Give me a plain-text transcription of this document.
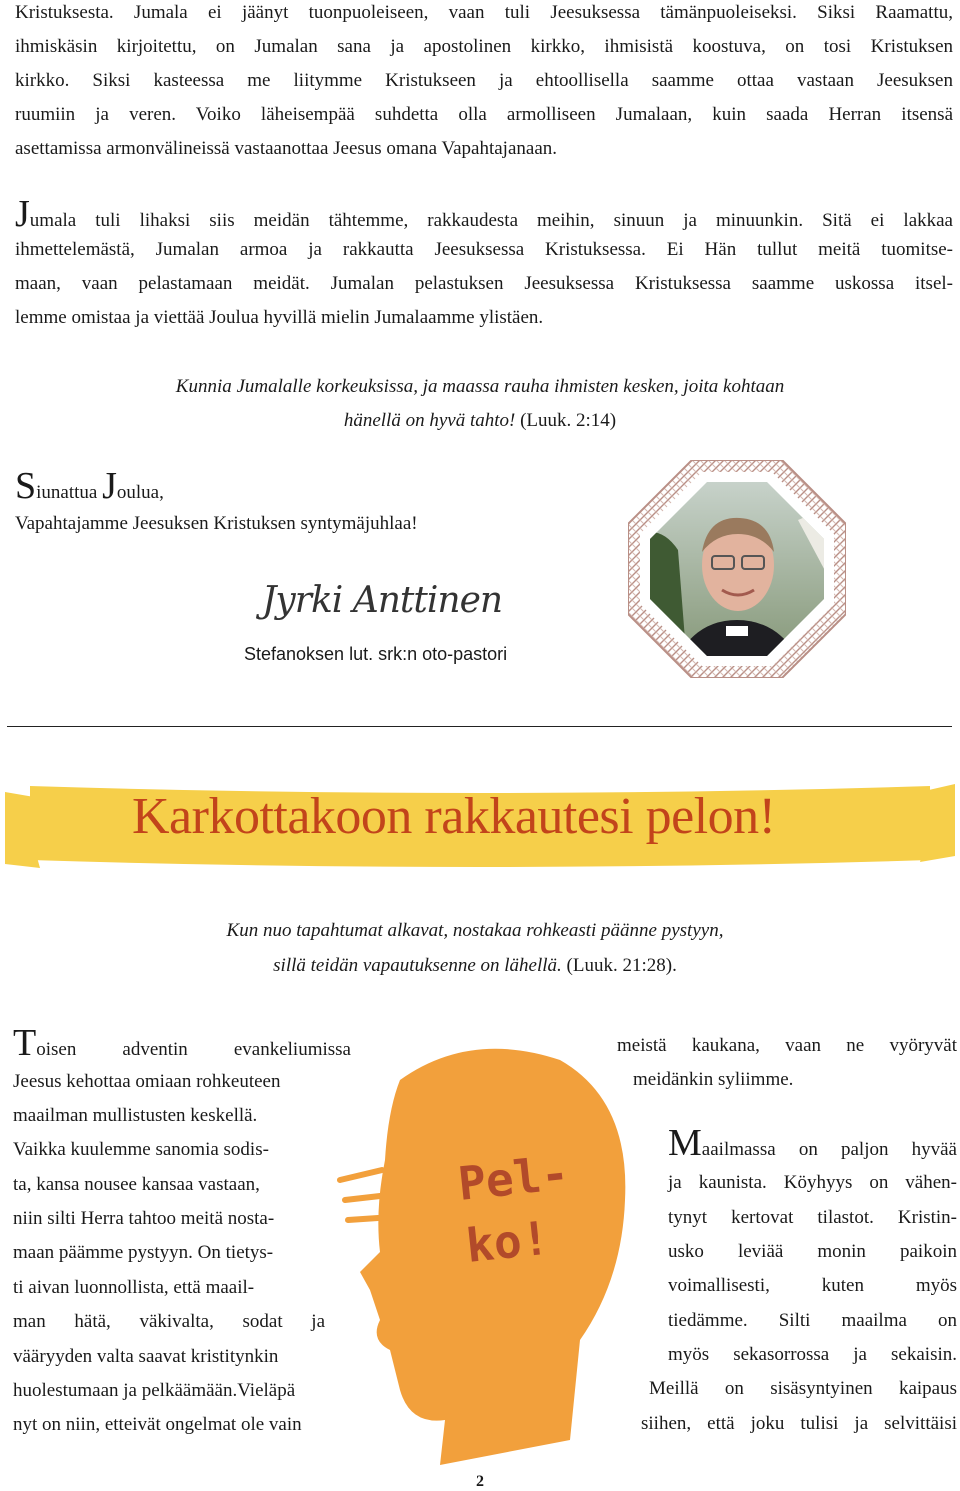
Kristuksesta. Jumala ei jäänyt tuonpuoleiseen, vaan tuli Jeesuksessa tämänpuoleiseksi. Siksi Raamattu,
ihmiskäsin kirjoitettu, on Jumalan sana ja apostolinen kirkko, ihmisistä koostuva, on tosi Kristuksen
kirkko. Siksi kasteessa me liitymme Kristukseen ja ehtoollisella saamme ottaa vastaan Jeesuksen
ruumiin ja veren. Voiko läheisempää suhdetta olla armolliseen Jumalaan, kuin saada Herran itsensä
asettamissa armonvälineissä vastaanottaa Jeesus omana Vapahtajanaan.
Jumala tuli lihaksi siis meidän tähtemme, rakkaudesta meihin, sinuun ja minuunkin. Sitä ei lakkaa
ihmettelemästä, Jumalan armoa ja rakkautta Jeesuksessa Kristuksessa. Ei Hän tullut meitä tuomitse-
maan, vaan pelastamaan meidät. Jumalan pelastuksen Jeesuksessa Kristuksessa saamme uskossa itsel-
lemme omistaa ja viettää Joulua hyvillä mielin Jumalaamme ylistäen.
Kunnia Jumalalle korkeuksissa, ja maassa rauha ihmisten kesken, joita kohtaan
hänellä on hyvä tahto! (Luuk. 2:14)
Siunattua Joulua,
Vapahtajamme Jeesuksen Kristuksen syntymäjuhlaa!
Jyrki Anttinen
Stefanoksen lut. srk:n oto-pastori
Karkottakoon rakkautesi pelon!
Kun nuo tapahtumat alkavat, nostakaa rohkeasti päänne pystyyn,
sillä teidän vapautuksenne on lähellä. (Luuk. 21:28).
Pel-
ko!
Toisen adventin evankeliumissa
Jeesus kehottaa omiaan rohkeuteen
maailman mullistusten keskellä.
Vaikka kuulemme sanomia sodis-
ta, kansa nousee kansaa vastaan,
niin silti Herra tahtoo meitä nosta-
maan päämme pystyyn. On tietys-
ti aivan luonnollista, että maail-
man hätä, väkivalta, sodat ja
vääryyden valta saavat kristitynkin
huolestumaan ja pelkäämään.Vieläpä
nyt on niin, etteivät ongelmat ole vain
meistä kaukana, vaan ne vyöryvät
meidänkin syliimme.
Maailmassa on paljon hyvää
ja kaunista. Köyhyys on vähen-
tynyt kertovat tilastot. Kristin-
usko leviää monin paikoin
voimallisesti, kuten myös
tiedämme. Silti maailma on
myös sekasorrossa ja sekaisin.
Meillä on sisäsyntyinen kaipaus
siihen, että joku tulisi ja selvittäisi
2
